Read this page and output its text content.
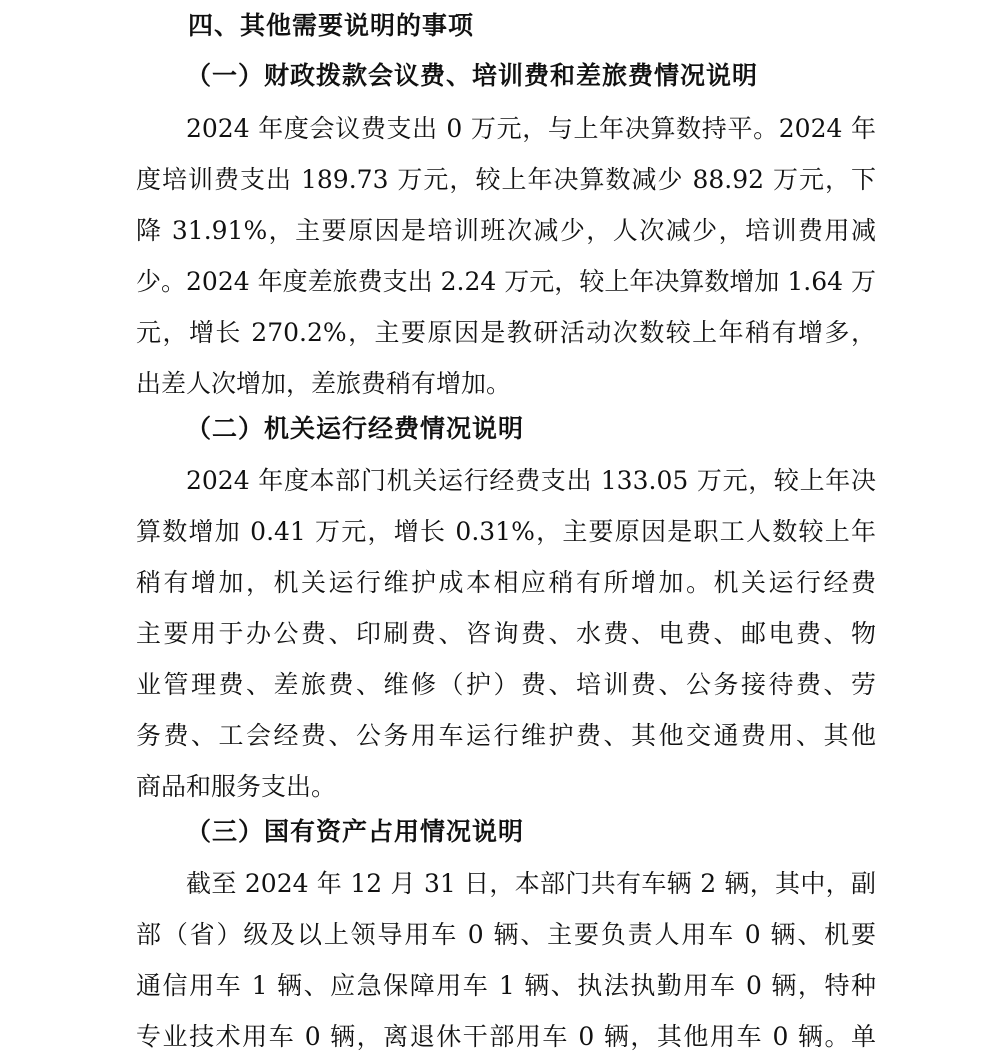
四、其他需要说明的事项
（一）财政拨款会议费、培训费和差旅费情况说明
2024 年度会议费支出 0 万元，与上年决算数持平。2024 年
度培训费支出 189.73 万元，较上年决算数减少 88.92 万元，下
降 31.91%，主要原因是培训班次减少，人次减少，培训费用减
少。2024 年度差旅费支出 2.24 万元，较上年决算数增加 1.64 万
元，增长 270.2%，主要原因是教研活动次数较上年稍有增多，
出差人次增加，差旅费稍有增加。
（二）机关运行经费情况说明
2024 年度本部门机关运行经费支出 133.05 万元，较上年决
算数增加 0.41 万元，增长 0.31%，主要原因是职工人数较上年
稍有增加，机关运行维护成本相应稍有所增加。机关运行经费
主要用于办公费、印刷费、咨询费、水费、电费、邮电费、物
业管理费、差旅费、维修（护）费、培训费、公务接待费、劳
务费、工会经费、公务用车运行维护费、其他交通费用、其他
商品和服务支出。
（三）国有资产占用情况说明
截至 2024 年 12 月 31 日，本部门共有车辆 2 辆，其中，副
部（省）级及以上领导用车 0 辆、主要负责人用车 0 辆、机要
通信用车 1 辆、应急保障用车 1 辆、执法执勤用车 0 辆，特种
专业技术用车 0 辆，离退休干部用车 0 辆，其他用车 0 辆。单
